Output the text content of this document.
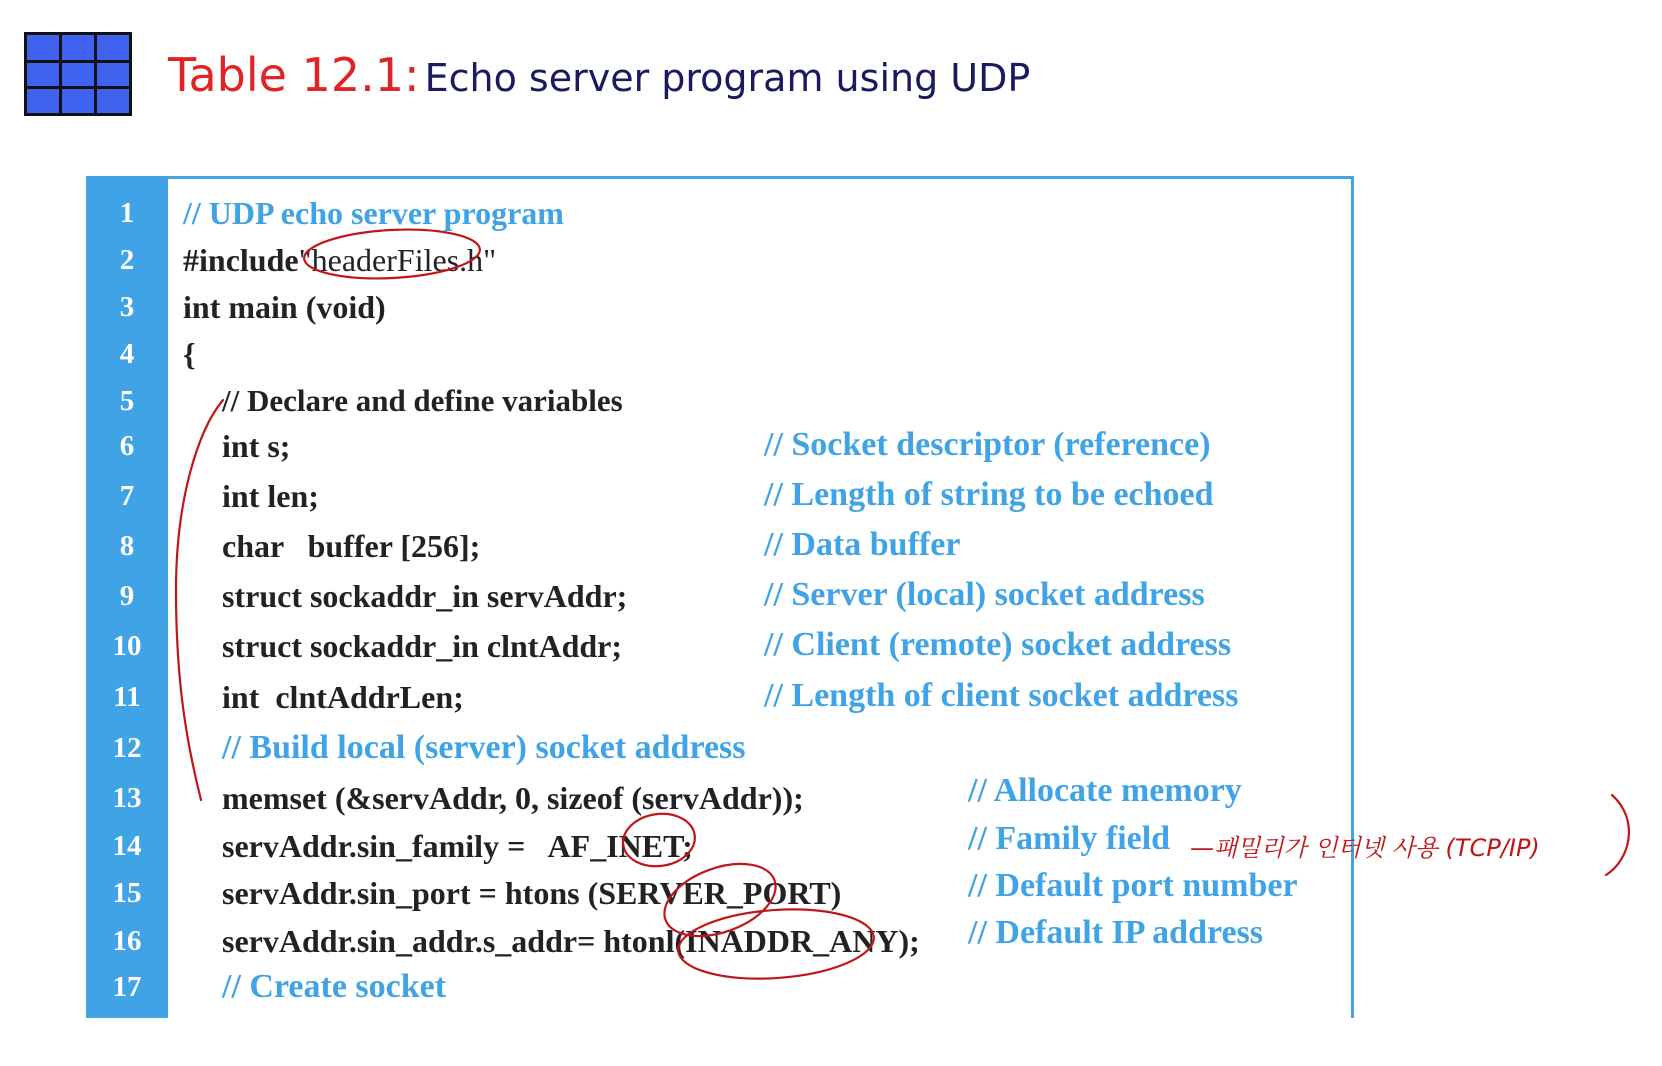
Table 12.1: Echo server program using UDP
1
2
3
4
5
6
7
8
9
10
11
12
13
14
15
16
17
// UDP echo server program
#include"headerFiles.h"
int main (void)
{
// Declare and define variables
int s;
int len;
char   buffer [256];
struct sockaddr_in servAddr;
struct sockaddr_in clntAddr;
int  clntAddrLen;
// Build local (server) socket address
memset (&servAddr, 0, sizeof (servAddr));
servAddr.sin_family =   AF_INET;
servAddr.sin_port = htons (SERVER_PORT)
servAddr.sin_addr.s_addr= htonl(INADDR_ANY);
// Create socket
// Socket descriptor (reference)
// Length of string to be echoed
// Data buffer
// Server (local) socket address
// Client (remote) socket address
// Length of client socket address
// Allocate memory
// Family field
// Default port number
// Default IP address
—패밀리가 인터넷 사용 (TCP/IP)
